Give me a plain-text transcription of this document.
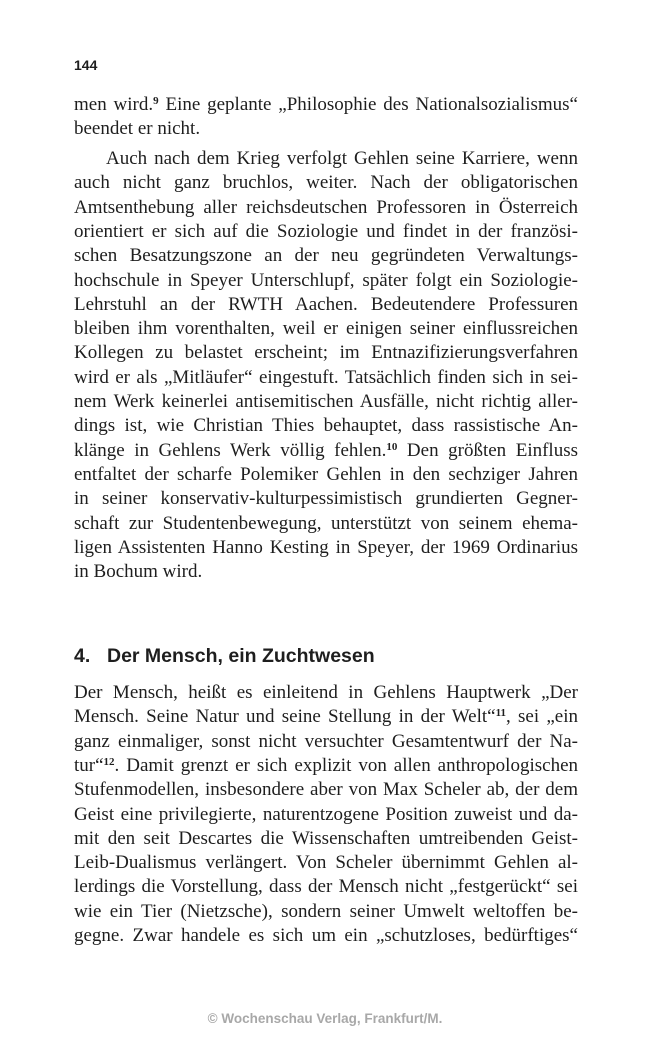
144
men wird.$^9$ Eine geplante „Philosophie des Nationalsozialismus“
beendet er nicht.
Auch nach dem Krieg verfolgt Gehlen seine Karriere, wenn
auch nicht ganz bruchlos, weiter. Nach der obligatorischen
Amtsenthebung aller reichsdeutschen Professoren in Österreich
orientiert er sich auf die Soziologie und findet in der französi-
schen Besatzungszone an der neu gegründeten Verwaltungs-
hochschule in Speyer Unterschlupf, später folgt ein Soziologie-
Lehrstuhl an der RWTH Aachen. Bedeutendere Professuren
bleiben ihm vorenthalten, weil er einigen seiner einflussreichen
Kollegen zu belastet erscheint; im Entnazifizierungsverfahren
wird er als „Mitläufer“ eingestuft. Tatsächlich finden sich in sei-
nem Werk keinerlei antisemitischen Ausfälle, nicht richtig aller-
dings ist, wie Christian Thies behauptet, dass rassistische An-
klänge in Gehlens Werk völlig fehlen.$^{10}$ Den größten Einfluss
entfaltet der scharfe Polemiker Gehlen in den sechziger Jahren
in seiner konservativ-kulturpessimistisch grundierten Gegner-
schaft zur Studentenbewegung, unterstützt von seinem ehema-
ligen Assistenten Hanno Kesting in Speyer, der 1969 Ordinarius
in Bochum wird.
Der Mensch, heißt es einleitend in Gehlens Hauptwerk „Der
Mensch. Seine Natur und seine Stellung in der Welt“$^{11}$, sei „ein
ganz einmaliger, sonst nicht versuchter Gesamtentwurf der Na-
tur“$^{12}$. Damit grenzt er sich explizit von allen anthropologischen
Stufenmodellen, insbesondere aber von Max Scheler ab, der dem
Geist eine privilegierte, naturentzogene Position zuweist und da-
mit den seit Descartes die Wissenschaften umtreibenden Geist-
Leib-Dualismus verlängert. Von Scheler übernimmt Gehlen al-
lerdings die Vorstellung, dass der Mensch nicht „festgerückt“ sei
wie ein Tier (Nietzsche), sondern seiner Umwelt weltoffen be-
gegne. Zwar handele es sich um ein „schutzloses, bedürftiges“
4. Der Mensch, ein Zuchtwesen
© Wochenschau Verlag, Frankfurt/M.
